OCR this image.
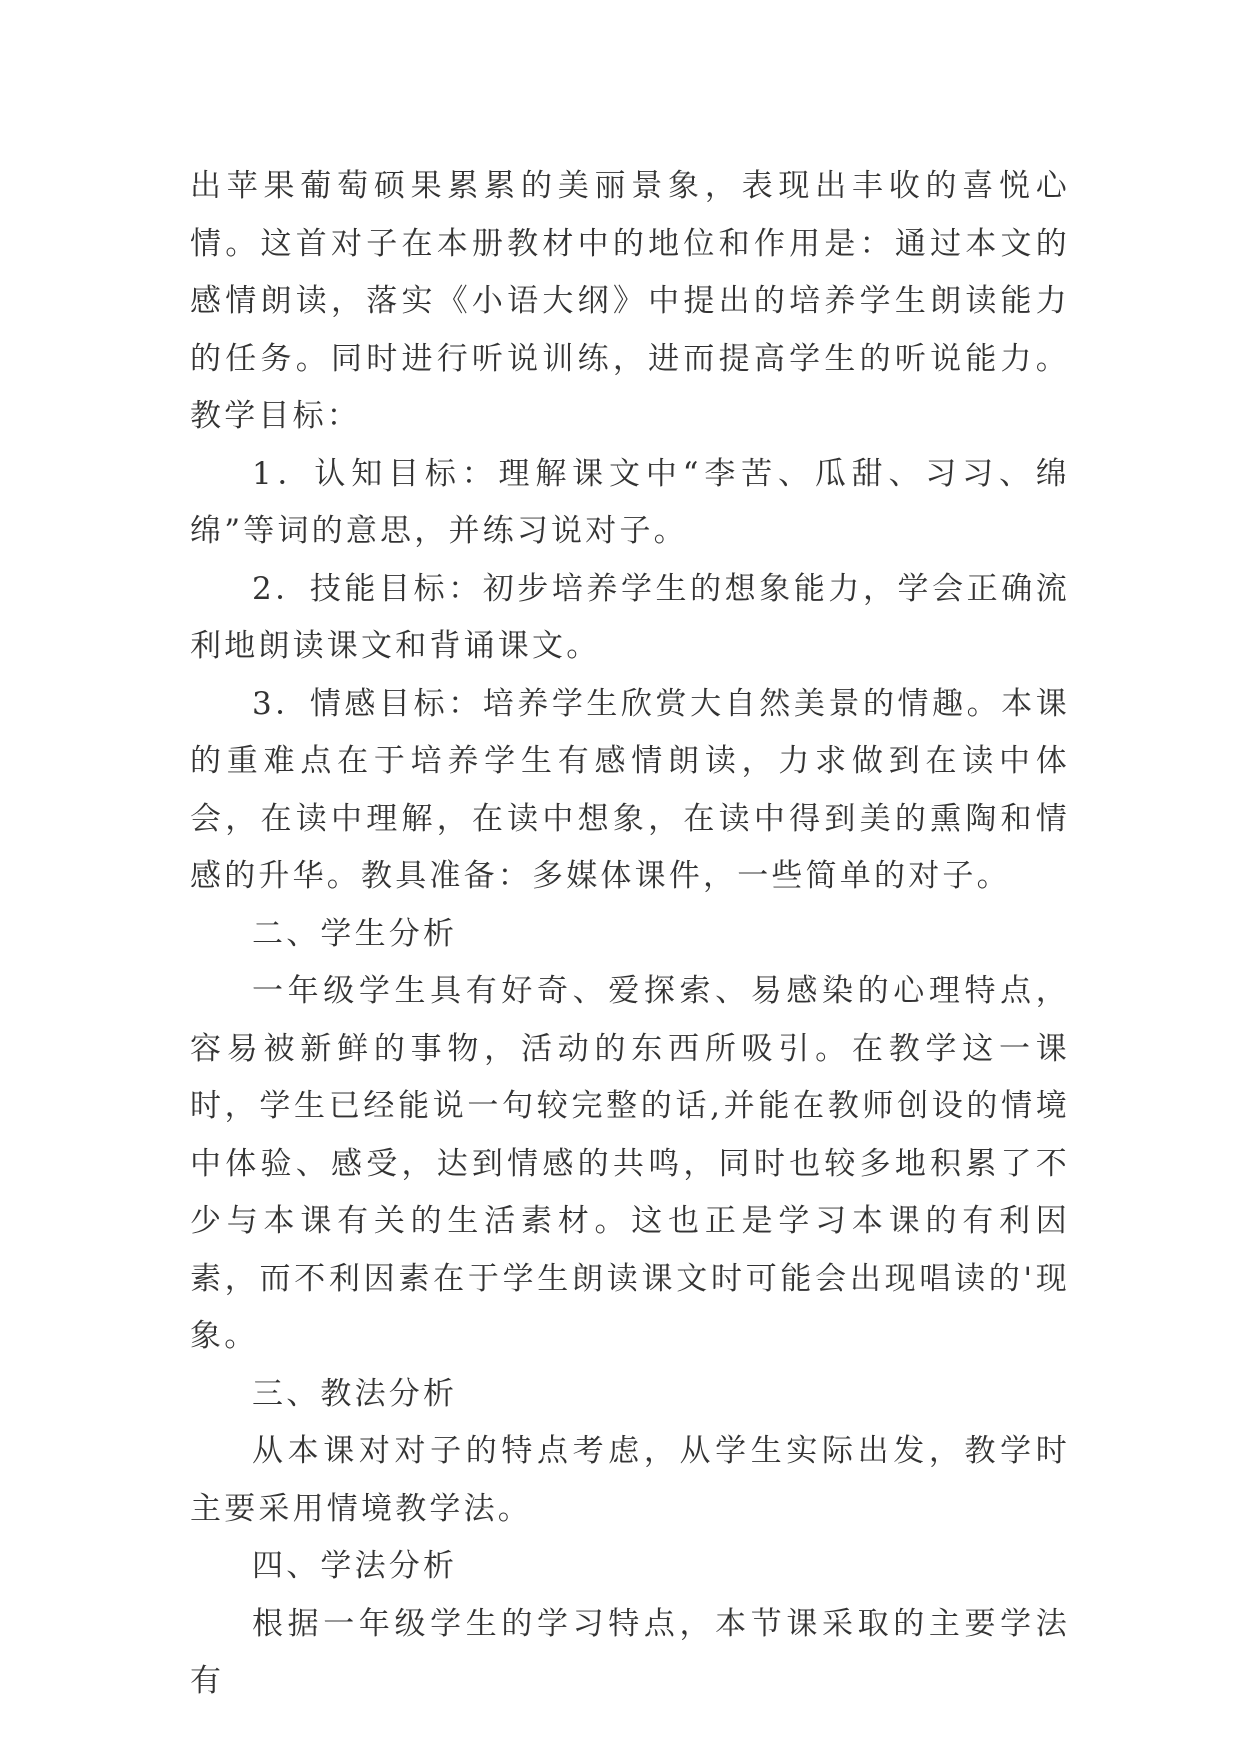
出苹果葡萄硕果累累的美丽景象，表现出丰收的喜悦心情。这首对子在本册教材中的地位和作用是：通过本文的感情朗读，落实《小语大纲》中提出的培养学生朗读能力的任务。同时进行听说训练，进而提高学生的听说能力。教学目标：

1．认知目标：理解课文中“李苦、瓜甜、习习、绵绵”等词的意思，并练习说对子。

2．技能目标：初步培养学生的想象能力，学会正确流利地朗读课文和背诵课文。

3．情感目标：培养学生欣赏大自然美景的情趣。本课的重难点在于培养学生有感情朗读，力求做到在读中体会，在读中理解，在读中想象，在读中得到美的熏陶和情感的升华。教具准备：多媒体课件，一些简单的对子。

二、学生分析

一年级学生具有好奇、爱探索、易感染的心理特点，容易被新鲜的事物，活动的东西所吸引。在教学这一课时，学生已经能说一句较完整的话,并能在教师创设的情境中体验、感受，达到情感的共鸣，同时也较多地积累了不少与本课有关的生活素材。这也正是学习本课的有利因素，而不利因素在于学生朗读课文时可能会出现唱读的'现象。

三、教法分析

从本课对对子的特点考虑，从学生实际出发，教学时主要采用情境教学法。

四、学法分析

根据一年级学生的学习特点，本节课采取的主要学法有
